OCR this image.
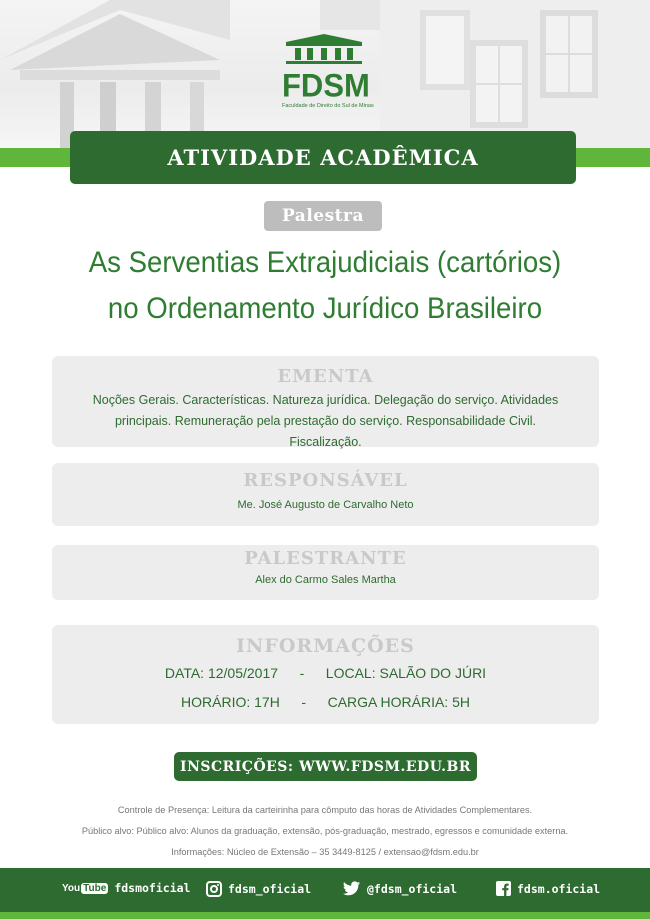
FDSM
Faculdade de Direito do Sul de Minas
ATIVIDADE ACADÊMICA
Palestra
As Serventias Extrajudiciais (cartórios)
no Ordenamento Jurídico Brasileiro
EMENTA
Noções Gerais. Características. Natureza jurídica. Delegação do serviço. Atividades
principais. Remuneração pela prestação do serviço. Responsabilidade Civil. Fiscalização.
RESPONSÁVEL
Me. José Augusto de Carvalho Neto
PALESTRANTE
Alex do Carmo Sales Martha
INFORMAÇÕES
DATA: 12/05/2017 - LOCAL: SALÃO DO JÚRI
HORÁRIO: 17H - CARGA HORÁRIA: 5H
INSCRIÇÕES: WWW.FDSM.EDU.BR

Controle de Presença: Leitura da carteirinha para cômputo das horas de Atividades Complementares.

Público alvo: Público alvo: Alunos da graduação, extensão, pós-graduação, mestrado, egressos e comunidade externa.

Informações: Núcleo de Extensão – 35 3449-8125 / extensao@fdsm.edu.br

You Tube fdsmoficial	fdsm_oficial	@fdsm_oficial	fdsm.oficial
